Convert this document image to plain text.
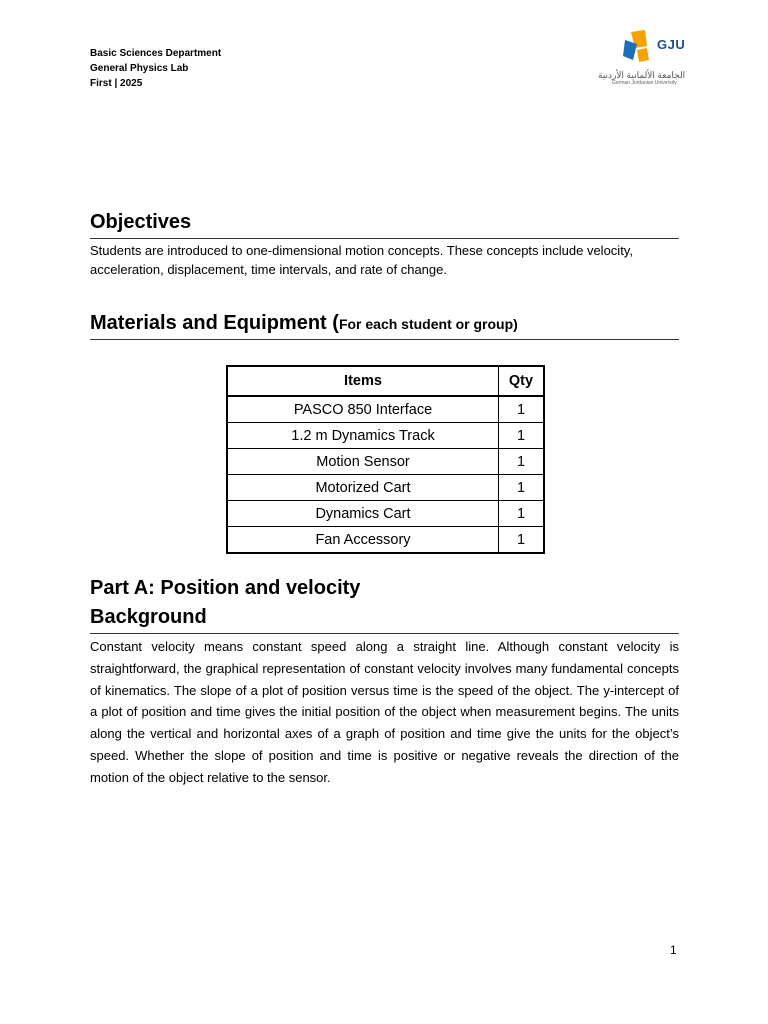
Basic Sciences Department
General Physics Lab
First | 2025
GJU
الجامعة الألمانية الأردنية
German Jordanian University
Objectives

Students are introduced to one-dimensional motion concepts. These concepts include velocity, acceleration, displacement, time intervals, and rate of change.

Materials and Equipment (For each student or group)
Items	Qty
PASCO 850 Interface	1
1.2 m Dynamics Track	1
Motion Sensor	1
Motorized Cart	1
Dynamics Cart	1
Fan Accessory	1
Part A: Position and velocity
Background

Constant velocity means constant speed along a straight line. Although constant velocity is straightforward, the graphical representation of constant velocity involves many fundamental concepts of kinematics. The slope of a plot of position versus time is the speed of the object. The y-intercept of a plot of position and time gives the initial position of the object when measurement begins. The units along the vertical and horizontal axes of a graph of position and time give the units for the object’s speed. Whether the slope of position and time is positive or negative reveals the direction of the motion of the object relative to the sensor.

1
